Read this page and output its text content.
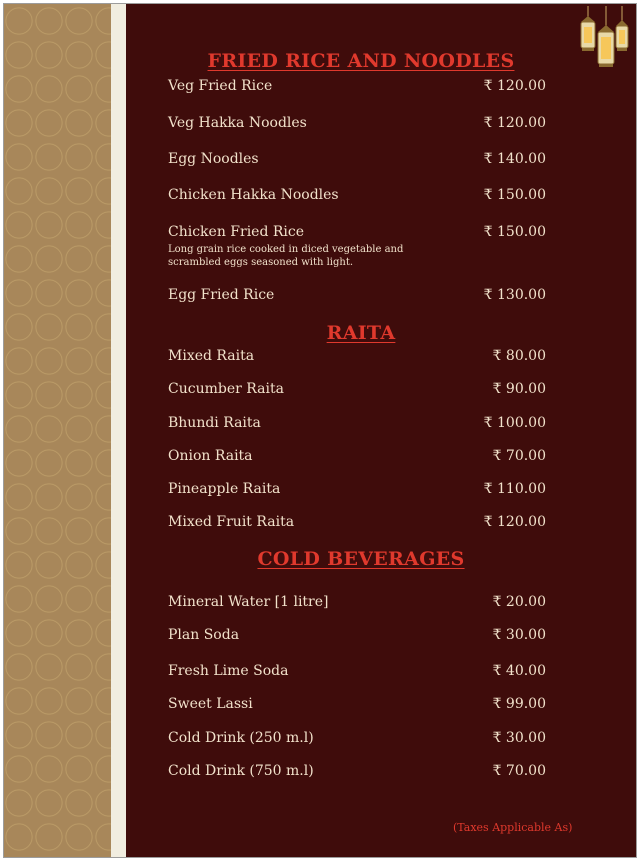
FRIED RICE AND NOODLES
Veg Fried Rice	₹ 120.00
Veg Hakka Noodles	₹ 120.00
Egg Noodles	₹ 140.00
Chicken Hakka Noodles	₹ 150.00
Chicken Fried Rice	₹ 150.00
Long grain rice cooked in diced vegetable and scrambled eggs seasoned with light.
Egg Fried Rice	₹ 130.00
RAITA
Mixed Raita	₹ 80.00
Cucumber Raita	₹ 90.00
Bhundi Raita	₹ 100.00
Onion Raita	₹ 70.00
Pineapple Raita	₹ 110.00
Mixed Fruit Raita	₹ 120.00
COLD BEVERAGES
Mineral Water [1 litre]	₹ 20.00
Plan Soda	₹ 30.00
Fresh Lime Soda	₹ 40.00
Sweet Lassi	₹ 99.00
Cold Drink (250 m.l)	₹ 30.00
Cold Drink (750 m.l)	₹ 70.00
(Taxes Applicable As)
